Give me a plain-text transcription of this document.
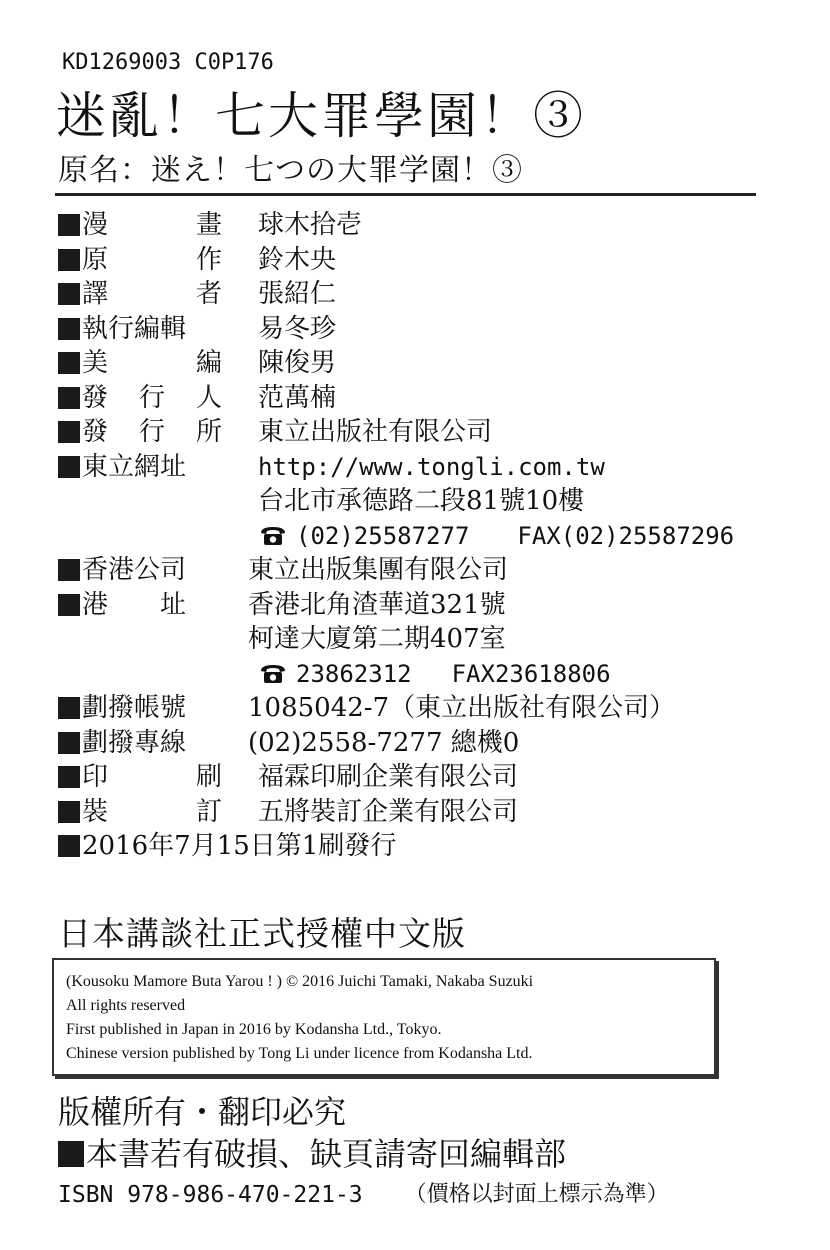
KD1269003 C0P176
迷亂！七大罪學園！③
原名：迷え！七つの大罪学園！③
漫	畫 球木拾壱
原	作 鈴木央
譯	者 張紹仁
執行編輯	易冬珍
美	編 陳俊男
發 行 人 范萬楠
發 行 所 東立出版社有限公司
東立網址	http://www.tongli.com.tw
台北市承德路二段81號10樓
(02)25587277 FAX(02)25587296
香港公司	東立出版集團有限公司
港 址 香港北角渣華道321號
柯達大廈第二期407室
23862312 FAX23618806
劃撥帳號	1085042-7（東立出版社有限公司）
劃撥專線	(02)2558-7277 總機0
印	刷 福霖印刷企業有限公司
裝	訂 五將裝訂企業有限公司
2016年7月15日第1刷發行
日本講談社正式授權中文版
(Kousoku Mamore Buta Yarou ! ) © 2016 Juichi Tamaki, Nakaba Suzuki
All rights reserved
First published in Japan in 2016 by Kodansha Ltd., Tokyo.
Chinese version published by Tong Li under licence from Kodansha Ltd.
版權所有・翻印必究
本書若有破損、缺頁請寄回編輯部
ISBN 978-986-470-221-3 （價格以封面上標示為準）
